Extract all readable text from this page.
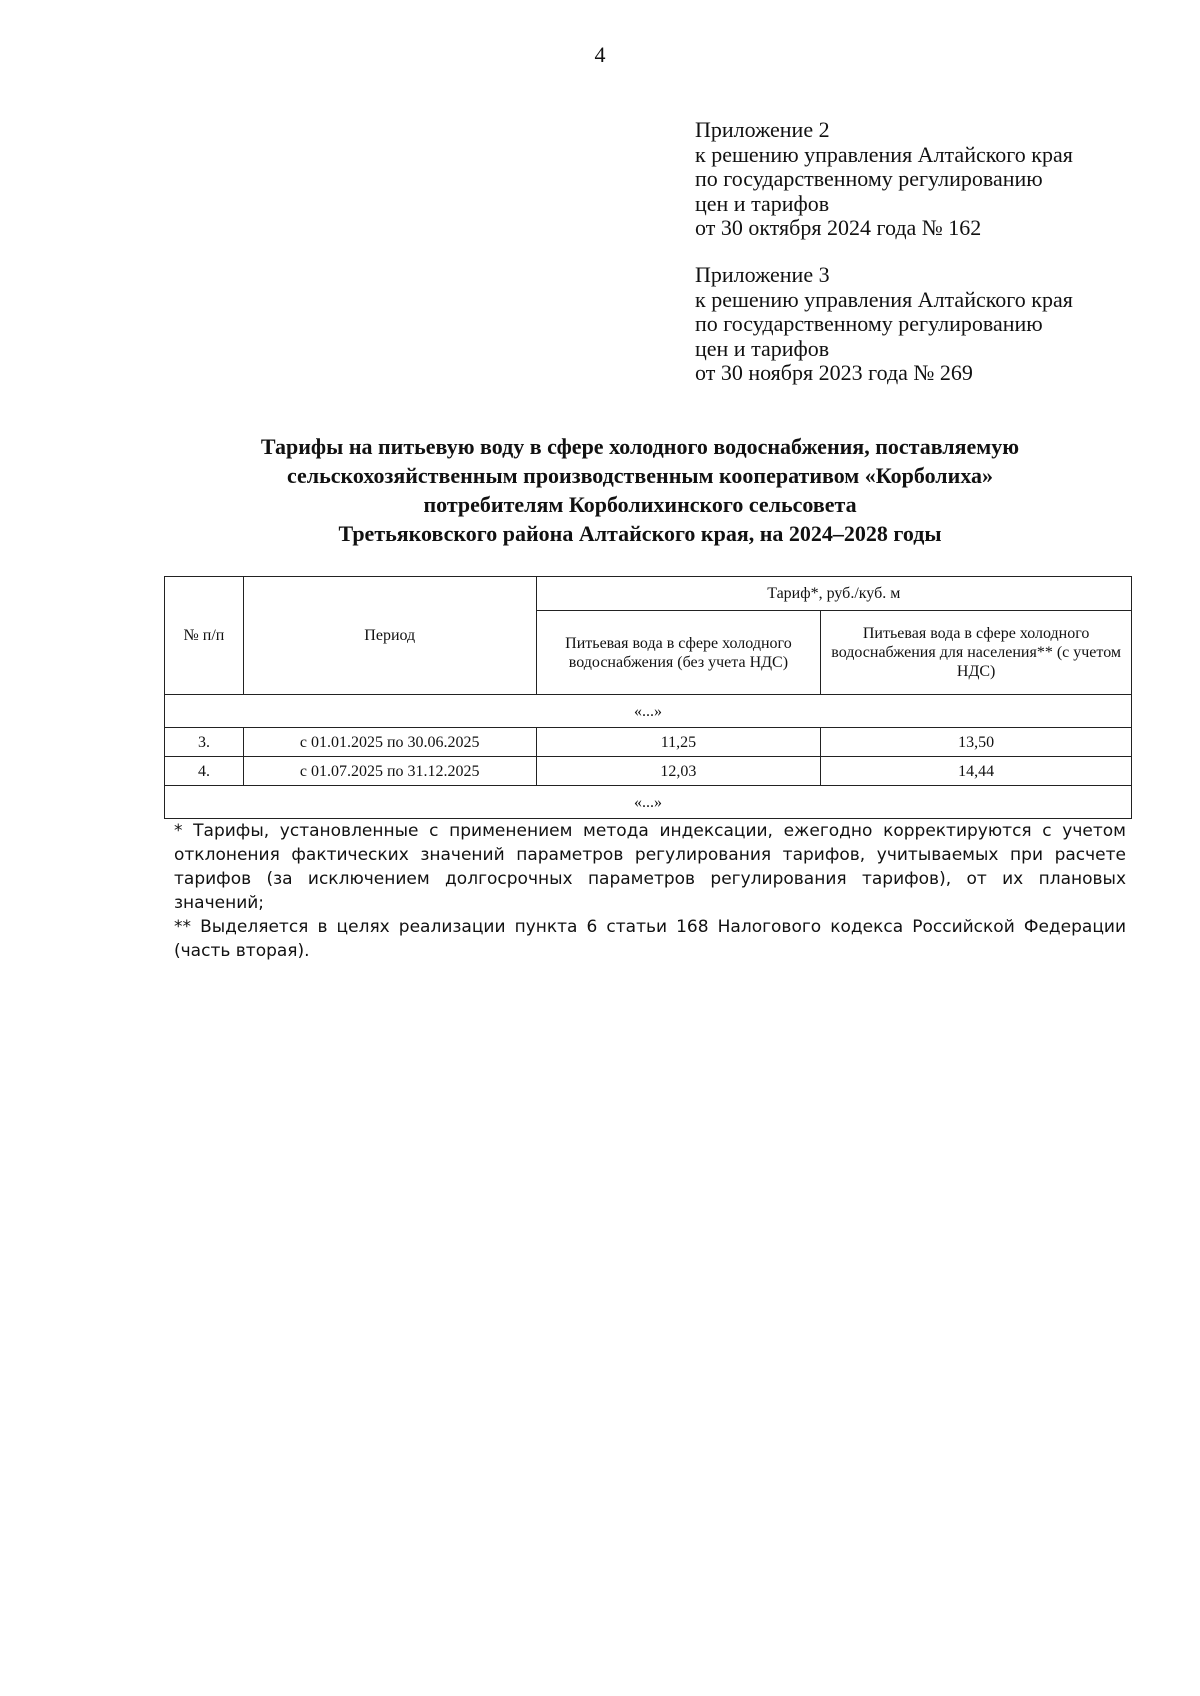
4
Приложение 2
к решению управления Алтайского края
по государственному регулированию
цен и тарифов
от 30 октября 2024 года № 162
Приложение 3
к решению управления Алтайского края
по государственному регулированию
цен и тарифов
от 30 ноября 2023 года № 269
Тарифы на питьевую воду в сфере холодного водоснабжения, поставляемую
сельскохозяйственным производственным кооперативом «Корболиха»
потребителям Корболихинского сельсовета
Третьяковского района Алтайского края, на 2024–2028 годы
№ п/п	Период	Тариф*, руб./куб. м	
		Питьевая вода в сфере холодного водоснабжения (без учета НДС)	Питьевая вода в сфере холодного водоснабжения для населения** (с учетом НДС)
«...»			
3.	с 01.01.2025 по 30.06.2025	11,25	13,50
4.	с 01.07.2025 по 31.12.2025	12,03	14,44
«...»			

* Тарифы, установленные с применением метода индексации, ежегодно корректируются с учетом отклонения фактических значений параметров регулирования тарифов, учитываемых при расчете тарифов (за исключением долгосрочных параметров регулирования тарифов), от их плановых значений;

** Выделяется в целях реализации пункта 6 статьи 168 Налогового кодекса Российской Федерации (часть вторая).
